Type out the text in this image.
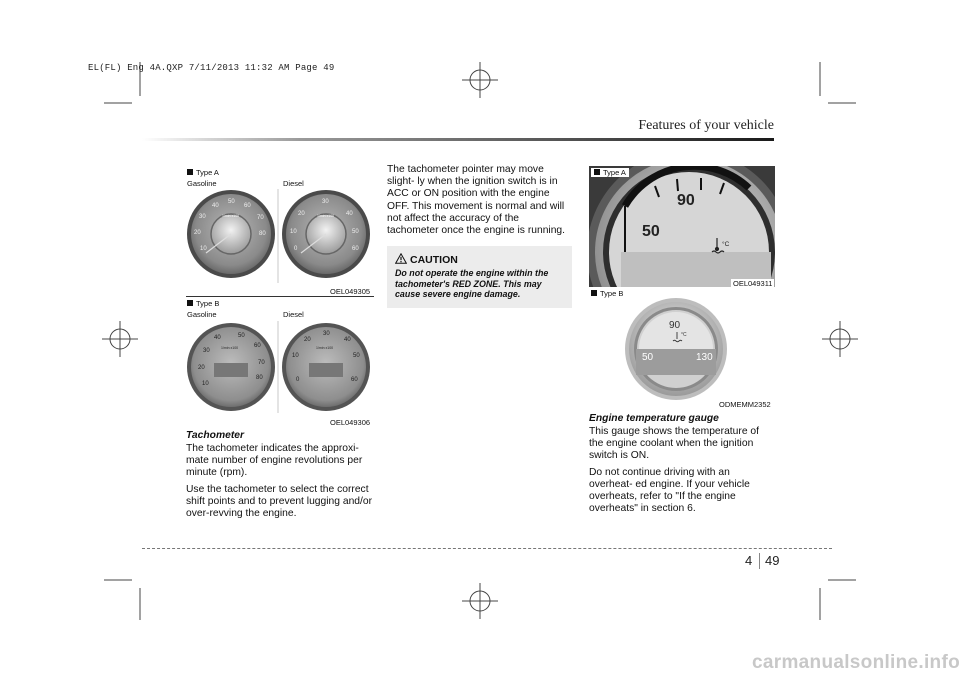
EL(FL) Eng 4A.QXP 7/11/2013 11:32 AM Page 49
Features of your vehicle
Type A
Gasoline	Diesel
10
20
30
40
50
60
70
80
1/min x100
0
10
20
30
40
50
60
1/min x100
OEL049305
Type B
Gasoline	Diesel
10
20
30
40	50
60
70
80
1/min x100
0
10
20
30
40
50
60
1/min x100
OEL049306
Tachometer

The tachometer indicates the approxi- mate number of engine revolutions per minute (rpm).

Use the tachometer to select the correct shift points and to prevent lugging and/or over-revving the engine.

The tachometer pointer may move slight- ly when the ignition switch is in ACC or ON position with the engine OFF. This movement is normal and will not affect the accuracy of the tachometer once the engine is running.

CAUTION
Do not operate the engine within the tachometer's RED ZONE. This may cause severe engine damage.
90
50
°C
Type A
OEL049311
Type B
90
50	130
°C
ODMEMM2352
Engine temperature gauge

This gauge shows the temperature of the engine coolant when the ignition switch is ON.

Do not continue driving with an overheat- ed engine. If your vehicle overheats, refer to "If the engine overheats" in section 6.

4 49
carmanualsonline.info
